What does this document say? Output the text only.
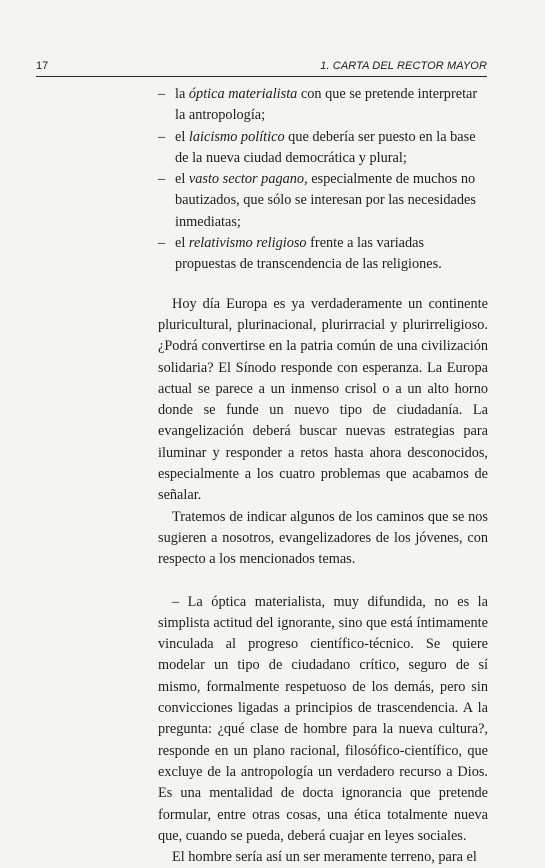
17	1. CARTA DEL RECTOR MAYOR
– la óptica materialista con que se pretende interpretar la antropología;
– el laicismo político que debería ser puesto en la base de la nueva ciudad democrática y plural;
– el vasto sector pagano, especialmente de muchos no bautizados, que sólo se interesan por las necesidades inmediatas;
– el relativismo religioso frente a las variadas propuestas de transcendencia de las religiones.

Hoy día Europa es ya verdaderamente un continente pluricultural, plurinacional, plurirracial y plurirreligioso. ¿Podrá convertirse en la patria común de una civilización solidaria? El Sínodo responde con esperanza. La Europa actual se parece a un inmenso crisol o a un alto horno donde se funde un nuevo tipo de ciudadanía. La evangelización deberá buscar nuevas estrategias para iluminar y responder a retos hasta ahora desconocidos, especialmente a los cuatro problemas que acabamos de señalar.

Tratemos de indicar algunos de los caminos que se nos sugieren a nosotros, evangelizadores de los jóvenes, con respecto a los mencionados temas.

– La óptica materialista, muy difundida, no es la simplista actitud del ignorante, sino que está íntimamente vinculada al progreso científico-técnico. Se quiere modelar un tipo de ciudadano crítico, seguro de sí mismo, formalmente respetuoso de los demás, pero sin convicciones ligadas a principios de trascendencia. A la pregunta: ¿qué clase de hombre para la nueva cultura?, responde en un plano racional, filosófico-científico, que excluye de la antropología un verdadero recurso a Dios. Es una mentalidad de docta ignorancia que pretende formular, entre otras cosas, una ética totalmente nueva que, cuando se pueda, deberá cuajar en leyes sociales.

El hombre sería así un ser meramente terreno, para el
